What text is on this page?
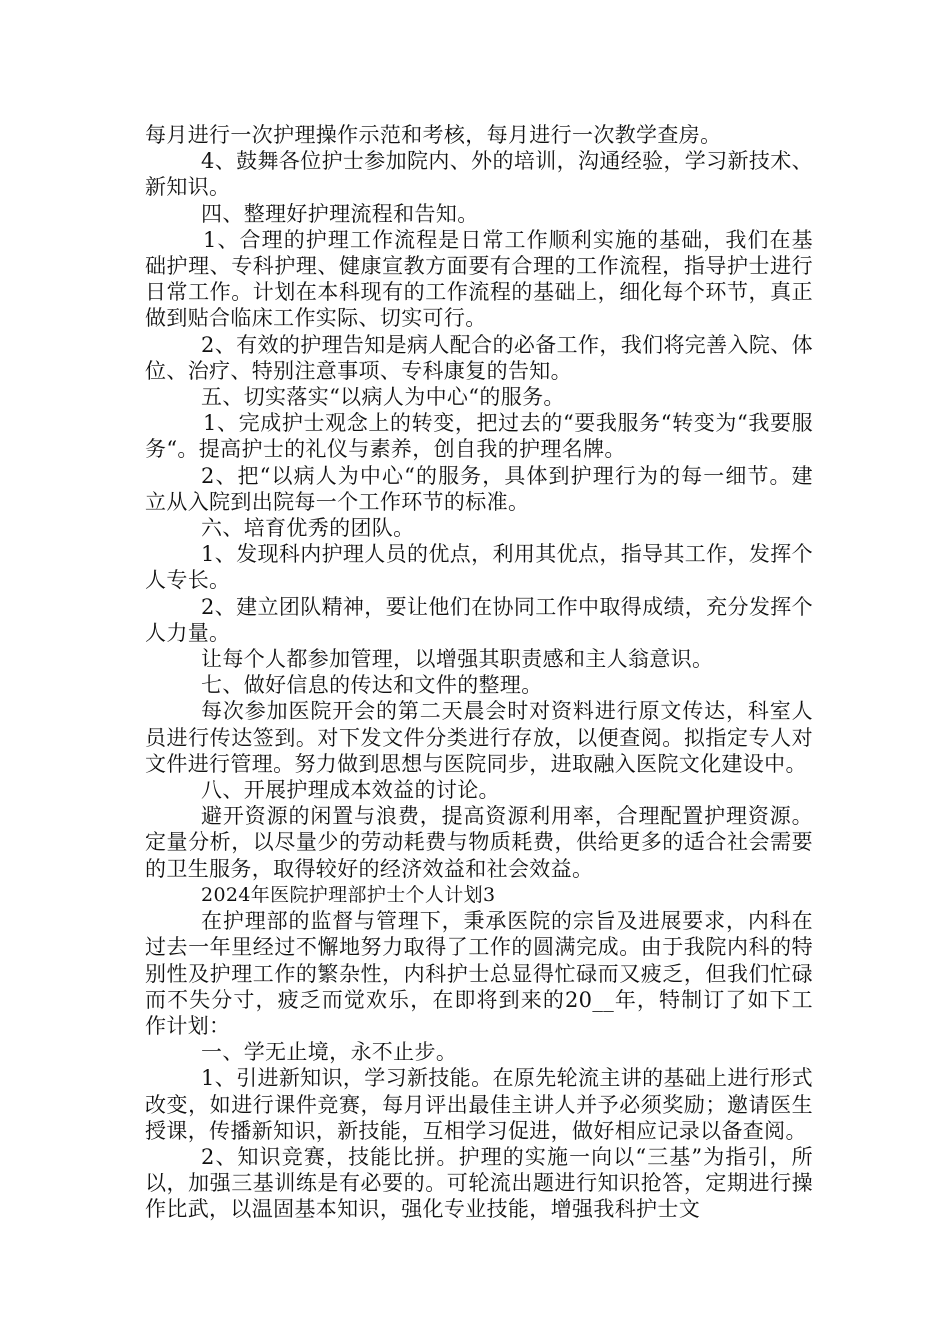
每月进行一次护理操作示范和考核，每月进行一次教学查房。

4、鼓舞各位护士参加院内、外的培训，沟通经验，学习新技术、新知识。

四、整理好护理流程和告知。

1、合理的护理工作流程是日常工作顺利实施的基础，我们在基础护理、专科护理、健康宣教方面要有合理的工作流程，指导护士进行日常工作。计划在本科现有的工作流程的基础上，细化每个环节，真正做到贴合临床工作实际、切实可行。

2、有效的护理告知是病人配合的必备工作，我们将完善入院、体位、治疗、特别注意事项、专科康复的告知。

五、切实落实“以病人为中心“的服务。

1、完成护士观念上的转变，把过去的“要我服务“转变为“我要服务“。提高护士的礼仪与素养，创自我的护理名牌。

2、把“以病人为中心“的服务，具体到护理行为的每一细节。建立从入院到出院每一个工作环节的标准。

六、培育优秀的团队。

1、发现科内护理人员的优点，利用其优点，指导其工作，发挥个人专长。

2、建立团队精神，要让他们在协同工作中取得成绩，充分发挥个人力量。

让每个人都参加管理，以增强其职责感和主人翁意识。

七、做好信息的传达和文件的整理。

每次参加医院开会的第二天晨会时对资料进行原文传达，科室人员进行传达签到。对下发文件分类进行存放，以便查阅。拟指定专人对文件进行管理。努力做到思想与医院同步，进取融入医院文化建设中。

八、开展护理成本效益的讨论。

避开资源的闲置与浪费，提高资源利用率，合理配置护理资源。定量分析，以尽量少的劳动耗费与物质耗费，供给更多的适合社会需要的卫生服务，取得较好的经济效益和社会效益。

2024年医院护理部护士个人计划3

在护理部的监督与管理下，秉承医院的宗旨及进展要求，内科在过去一年里经过不懈地努力取得了工作的圆满完成。由于我院内科的特别性及护理工作的繁杂性，内科护士总显得忙碌而又疲乏，但我们忙碌而不失分寸，疲乏而觉欢乐，在即将到来的20__年，特制订了如下工作计划：

一、学无止境，永不止步。

1、引进新知识，学习新技能。在原先轮流主讲的基础上进行形式改变，如进行课件竞赛，每月评出最佳主讲人并予必须奖励；邀请医生授课，传播新知识，新技能，互相学习促进，做好相应记录以备查阅。

2、知识竞赛，技能比拼。护理的实施一向以“三基”为指引，所以，加强三基训练是有必要的。可轮流出题进行知识抢答，定期进行操作比武，以温固基本知识，强化专业技能，增强我科护士文
